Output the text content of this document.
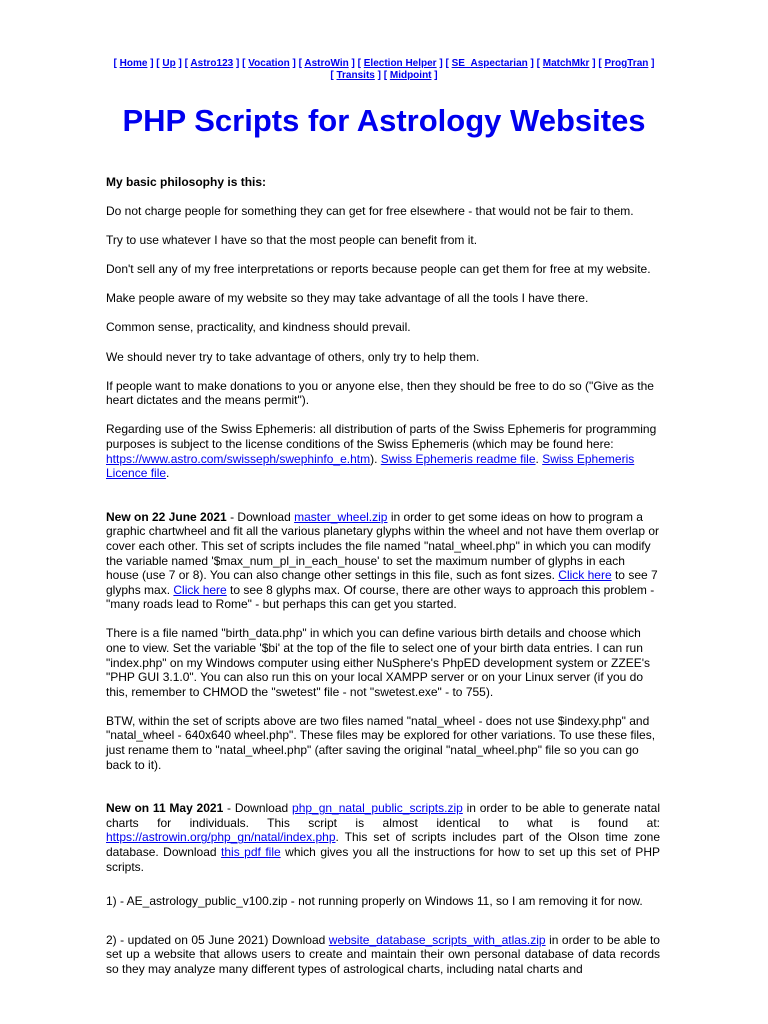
[ Home ] [ Up ] [ Astro123 ] [ Vocation ] [ AstroWin ] [ Election Helper ] [ SE_Aspectarian ] [ MatchMkr ] [ ProgTran ]
[ Transits ] [ Midpoint ]
PHP Scripts for Astrology Websites

My basic philosophy is this:

Do not charge people for something they can get for free elsewhere - that would not be fair to them.

Try to use whatever I have so that the most people can benefit from it.

Don't sell any of my free interpretations or reports because people can get them for free at my website.

Make people aware of my website so they may take advantage of all the tools I have there.

Common sense, practicality, and kindness should prevail.

We should never try to take advantage of others, only try to help them.

If people want to make donations to you or anyone else, then they should be free to do so ("Give as the heart dictates and the means permit").

Regarding use of the Swiss Ephemeris: all distribution of parts of the Swiss Ephemeris for programming purposes is subject to the license conditions of the Swiss Ephemeris (which may be found here: https://www.astro.com/swisseph/swephinfo_e.htm). Swiss Ephemeris readme file. Swiss Ephemeris Licence file.

New on 22 June 2021 - Download master_wheel.zip in order to get some ideas on how to program a graphic chartwheel and fit all the various planetary glyphs within the wheel and not have them overlap or cover each other. This set of scripts includes the file named "natal_wheel.php" in which you can modify the variable named '$max_num_pl_in_each_house' to set the maximum number of glyphs in each house (use 7 or 8). You can also change other settings in this file, such as font sizes. Click here to see 7 glyphs max. Click here to see 8 glyphs max. Of course, there are other ways to approach this problem - "many roads lead to Rome" - but perhaps this can get you started.

There is a file named "birth_data.php" in which you can define various birth details and choose which one to view. Set the variable '$bi' at the top of the file to select one of your birth data entries. I can run "index.php" on my Windows computer using either NuSphere's PhpED development system or ZZEE's "PHP GUI 3.1.0". You can also run this on your local XAMPP server or on your Linux server (if you do this, remember to CHMOD the "swetest" file - not "swetest.exe" - to 755).

BTW, within the set of scripts above are two files named "natal_wheel - does not use $indexy.php" and "natal_wheel - 640x640 wheel.php". These files may be explored for other variations. To use these files, just rename them to "natal_wheel.php" (after saving the original "natal_wheel.php" file so you can go back to it).

New on 11 May 2021 - Download php_gn_natal_public_scripts.zip in order to be able to generate natal charts for individuals. This script is almost identical to what is found at: https://astrowin.org/php_gn/natal/index.php. This set of scripts includes part of the Olson time zone database. Download this pdf file which gives you all the instructions for how to set up this set of PHP scripts.

1) - AE_astrology_public_v100.zip - not running properly on Windows 11, so I am removing it for now.

2) - updated on 05 June 2021) Download website_database_scripts_with_atlas.zip in order to be able to set up a website that allows users to create and maintain their own personal database of data records so they may analyze many different types of astrological charts, including natal charts and
